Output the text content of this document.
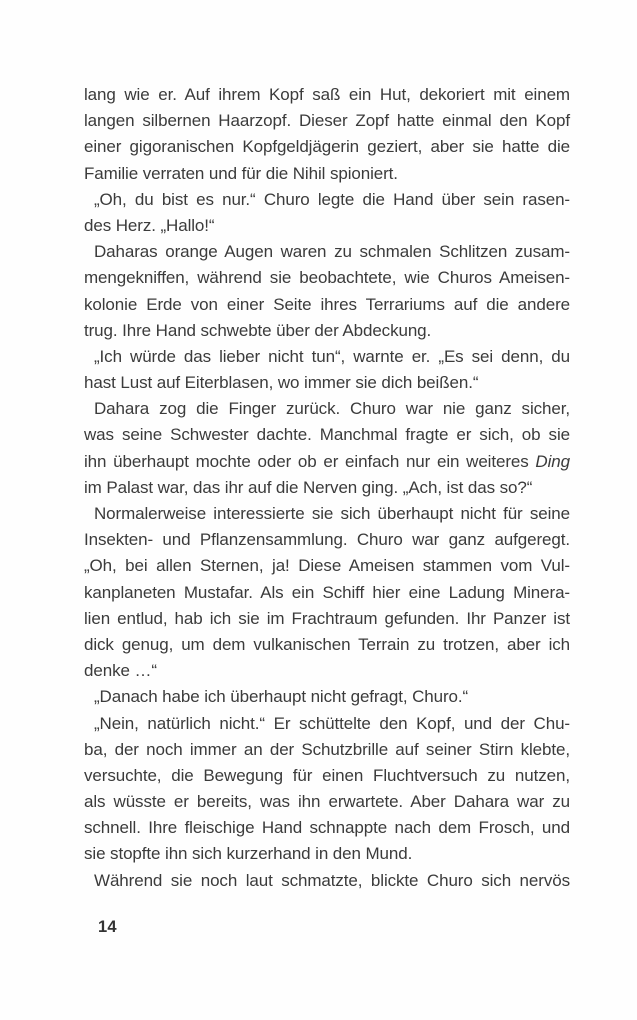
lang wie er. Auf ihrem Kopf saß ein Hut, dekoriert mit einem
langen silbernen Haarzopf. Dieser Zopf hatte einmal den Kopf
einer gigoranischen Kopfgeldjägerin geziert, aber sie hatte die
Familie verraten und für die Nihil spioniert.
„Oh, du bist es nur.“ Churo legte die Hand über sein rasen-
des Herz. „Hallo!“
Daharas orange Augen waren zu schmalen Schlitzen zusam-
mengekniffen, während sie beobachtete, wie Churos Ameisen-
kolonie Erde von einer Seite ihres Terrariums auf die andere
trug. Ihre Hand schwebte über der Abdeckung.
„Ich würde das lieber nicht tun“, warnte er. „Es sei denn, du
hast Lust auf Eiterblasen, wo immer sie dich beißen.“
Dahara zog die Finger zurück. Churo war nie ganz sicher,
was seine Schwester dachte. Manchmal fragte er sich, ob sie
ihn überhaupt mochte oder ob er einfach nur ein weiteres Ding
im Palast war, das ihr auf die Nerven ging. „Ach, ist das so?“
Normalerweise interessierte sie sich überhaupt nicht für seine
Insekten- und Pflanzensammlung. Churo war ganz aufgeregt.
„Oh, bei allen Sternen, ja! Diese Ameisen stammen vom Vul-
kanplaneten Mustafar. Als ein Schiff hier eine Ladung Minera-
lien entlud, hab ich sie im Frachtraum gefunden. Ihr Panzer ist
dick genug, um dem vulkanischen Terrain zu trotzen, aber ich
denke …“
„Danach habe ich überhaupt nicht gefragt, Churo.“
„Nein, natürlich nicht.“ Er schüttelte den Kopf, und der Chu-
ba, der noch immer an der Schutzbrille auf seiner Stirn klebte,
versuchte, die Bewegung für einen Fluchtversuch zu nutzen,
als wüsste er bereits, was ihn erwartete. Aber Dahara war zu
schnell. Ihre fleischige Hand schnappte nach dem Frosch, und
sie stopfte ihn sich kurzerhand in den Mund.
Während sie noch laut schmatzte, blickte Churo sich nervös
14
